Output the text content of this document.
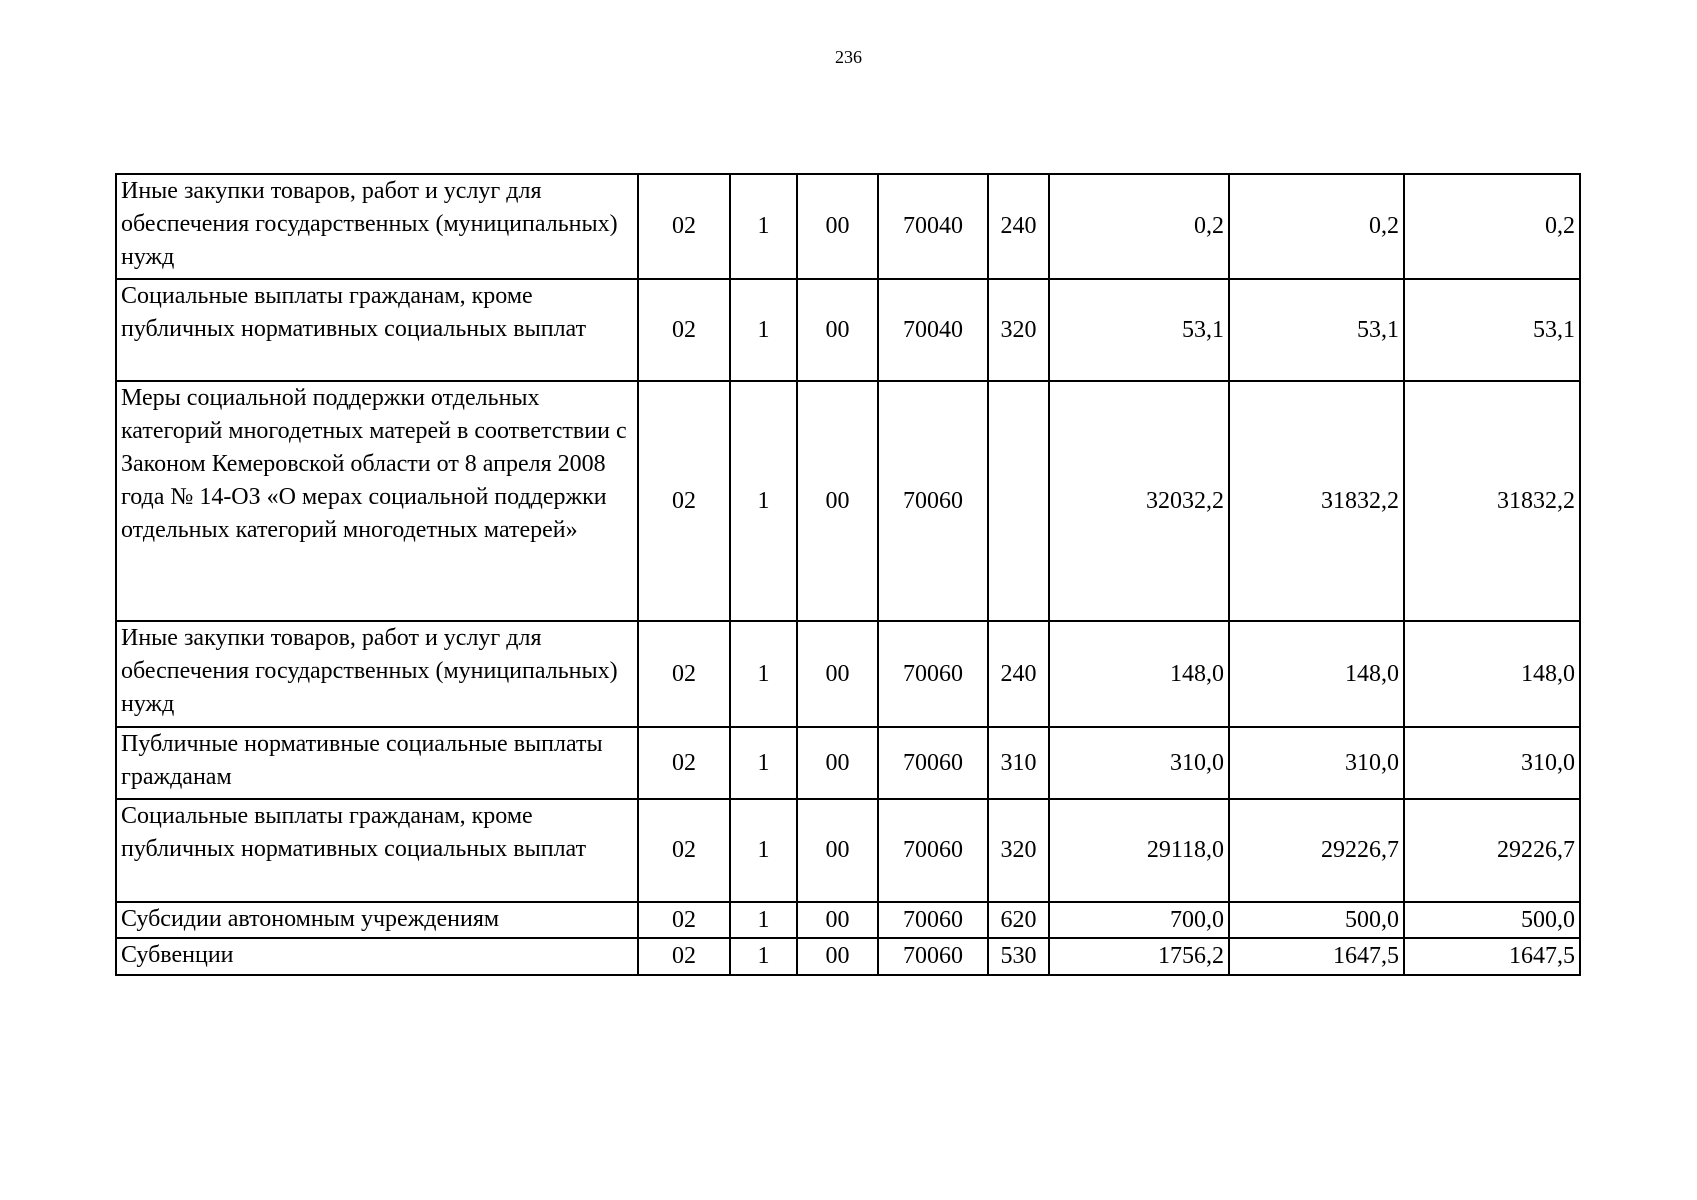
236
Иные закупки товаров, работ и услуг для обеспечения государственных (муниципальных) нужд	02	1	00	70040	240	0,2	0,2	0,2
Социальные выплаты гражданам, кроме публичных нормативных социальных выплат	02	1	00	70040	320	53,1	53,1	53,1
Меры социальной поддержки отдельных категорий многодетных матерей в соответствии с Законом Кемеровской области от 8 апреля 2008 года № 14-ОЗ «О мерах социальной поддержки отдельных категорий многодетных матерей»	02	1	00	70060		32032,2	31832,2	31832,2
Иные закупки товаров, работ и услуг для обеспечения государственных (муниципальных) нужд	02	1	00	70060	240	148,0	148,0	148,0
Публичные нормативные социальные выплаты гражданам	02	1	00	70060	310	310,0	310,0	310,0
Социальные выплаты гражданам, кроме публичных нормативных социальных выплат	02	1	00	70060	320	29118,0	29226,7	29226,7
Субсидии автономным учреждениям	02	1	00	70060	620	700,0	500,0	500,0
Субвенции	02	1	00	70060	530	1756,2	1647,5	1647,5
